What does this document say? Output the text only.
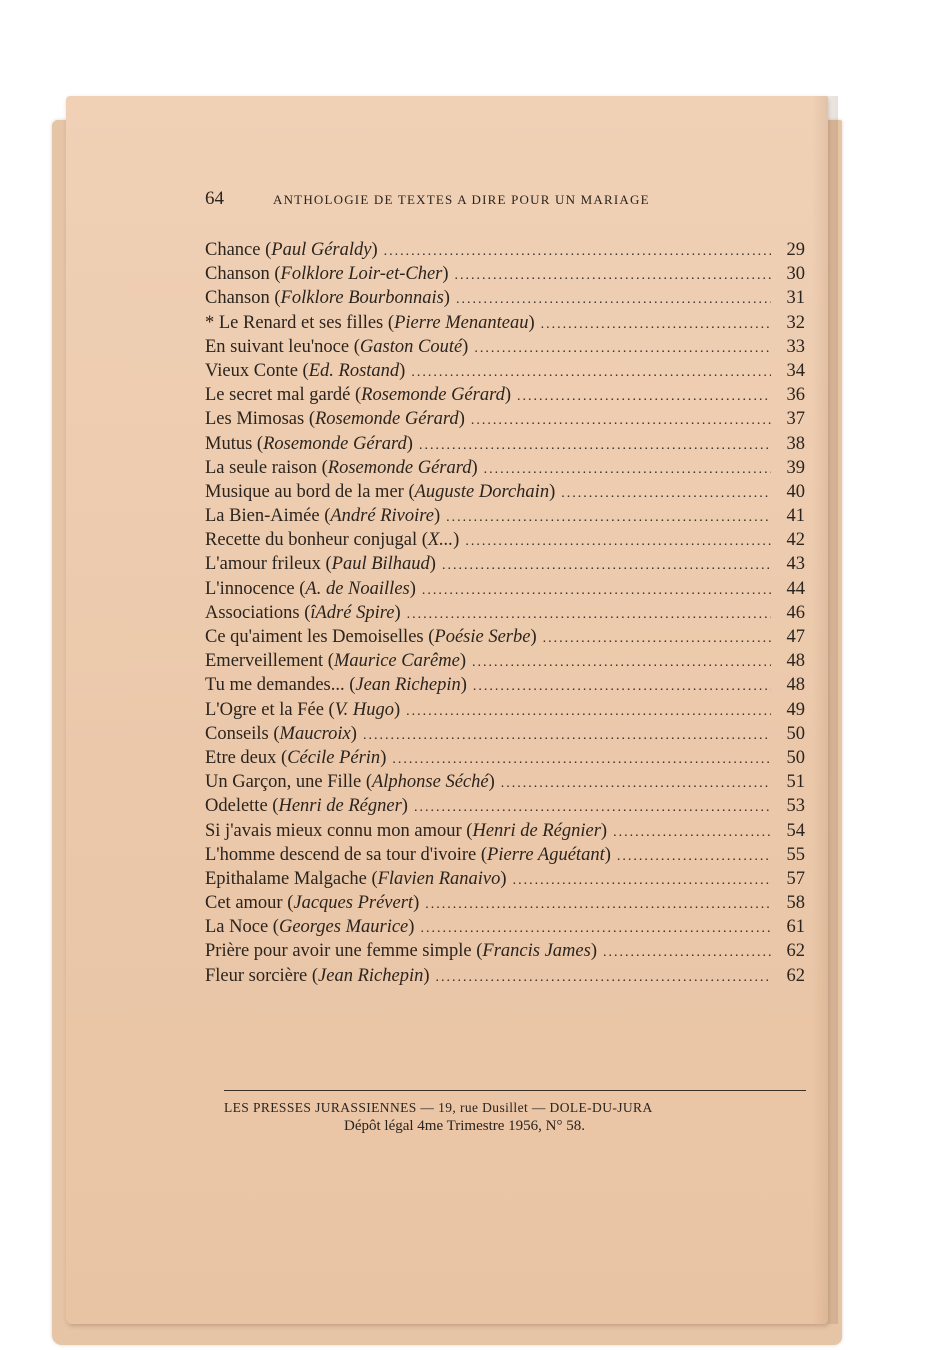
64	ANTHOLOGIE DE TEXTES A DIRE POUR UN MARIAGE
Chance (Paul Géraldy) .....	29
Chanson (Folklore Loir-et-Cher) .....	30
Chanson (Folklore Bourbonnais) .....	31
* Le Renard et ses filles (Pierre Menanteau) .....	32
En suivant leu'noce (Gaston Couté) .....	33
Vieux Conte (Ed. Rostand) .....	34
Le secret mal gardé (Rosemonde Gérard) .....	36
Les Mimosas (Rosemonde Gérard) .....	37
Mutus (Rosemonde Gérard) .....	38
La seule raison (Rosemonde Gérard) .....	39
Musique au bord de la mer (Auguste Dorchain) .....	40
La Bien-Aimée (André Rivoire) .....	41
Recette du bonheur conjugal (X...) .....	42
L'amour frileux (Paul Bilhaud) .....	43
L'innocence (A. de Noailles) .....	44
Associations (îAdré Spire) .....	46
Ce qu'aiment les Demoiselles (Poésie Serbe) .....	47
Emerveillement (Maurice Carême) .....	48
Tu me demandes... (Jean Richepin) .....	48
L'Ogre et la Fée (V. Hugo) .....	49
Conseils (Maucroix) .....	50
Etre deux (Cécile Périn) .....	50
Un Garçon, une Fille (Alphonse Séché) .....	51
Odelette (Henri de Régner) .....	53
Si j'avais mieux connu mon amour (Henri de Régnier) .....	54
L'homme descend de sa tour d'ivoire (Pierre Aguétant) .....	55
Epithalame Malgache (Flavien Ranaivo) .....	57
Cet amour (Jacques Prévert) .....	58
La Noce (Georges Maurice) .....	61
Prière pour avoir une femme simple (Francis James) .....	62
Fleur sorcière (Jean Richepin) .....	62
LES PRESSES JURASSIENNES — 19, rue Dusillet — DOLE-DU-JURA
Dépôt légal 4me Trimestre 1956, N° 58.
